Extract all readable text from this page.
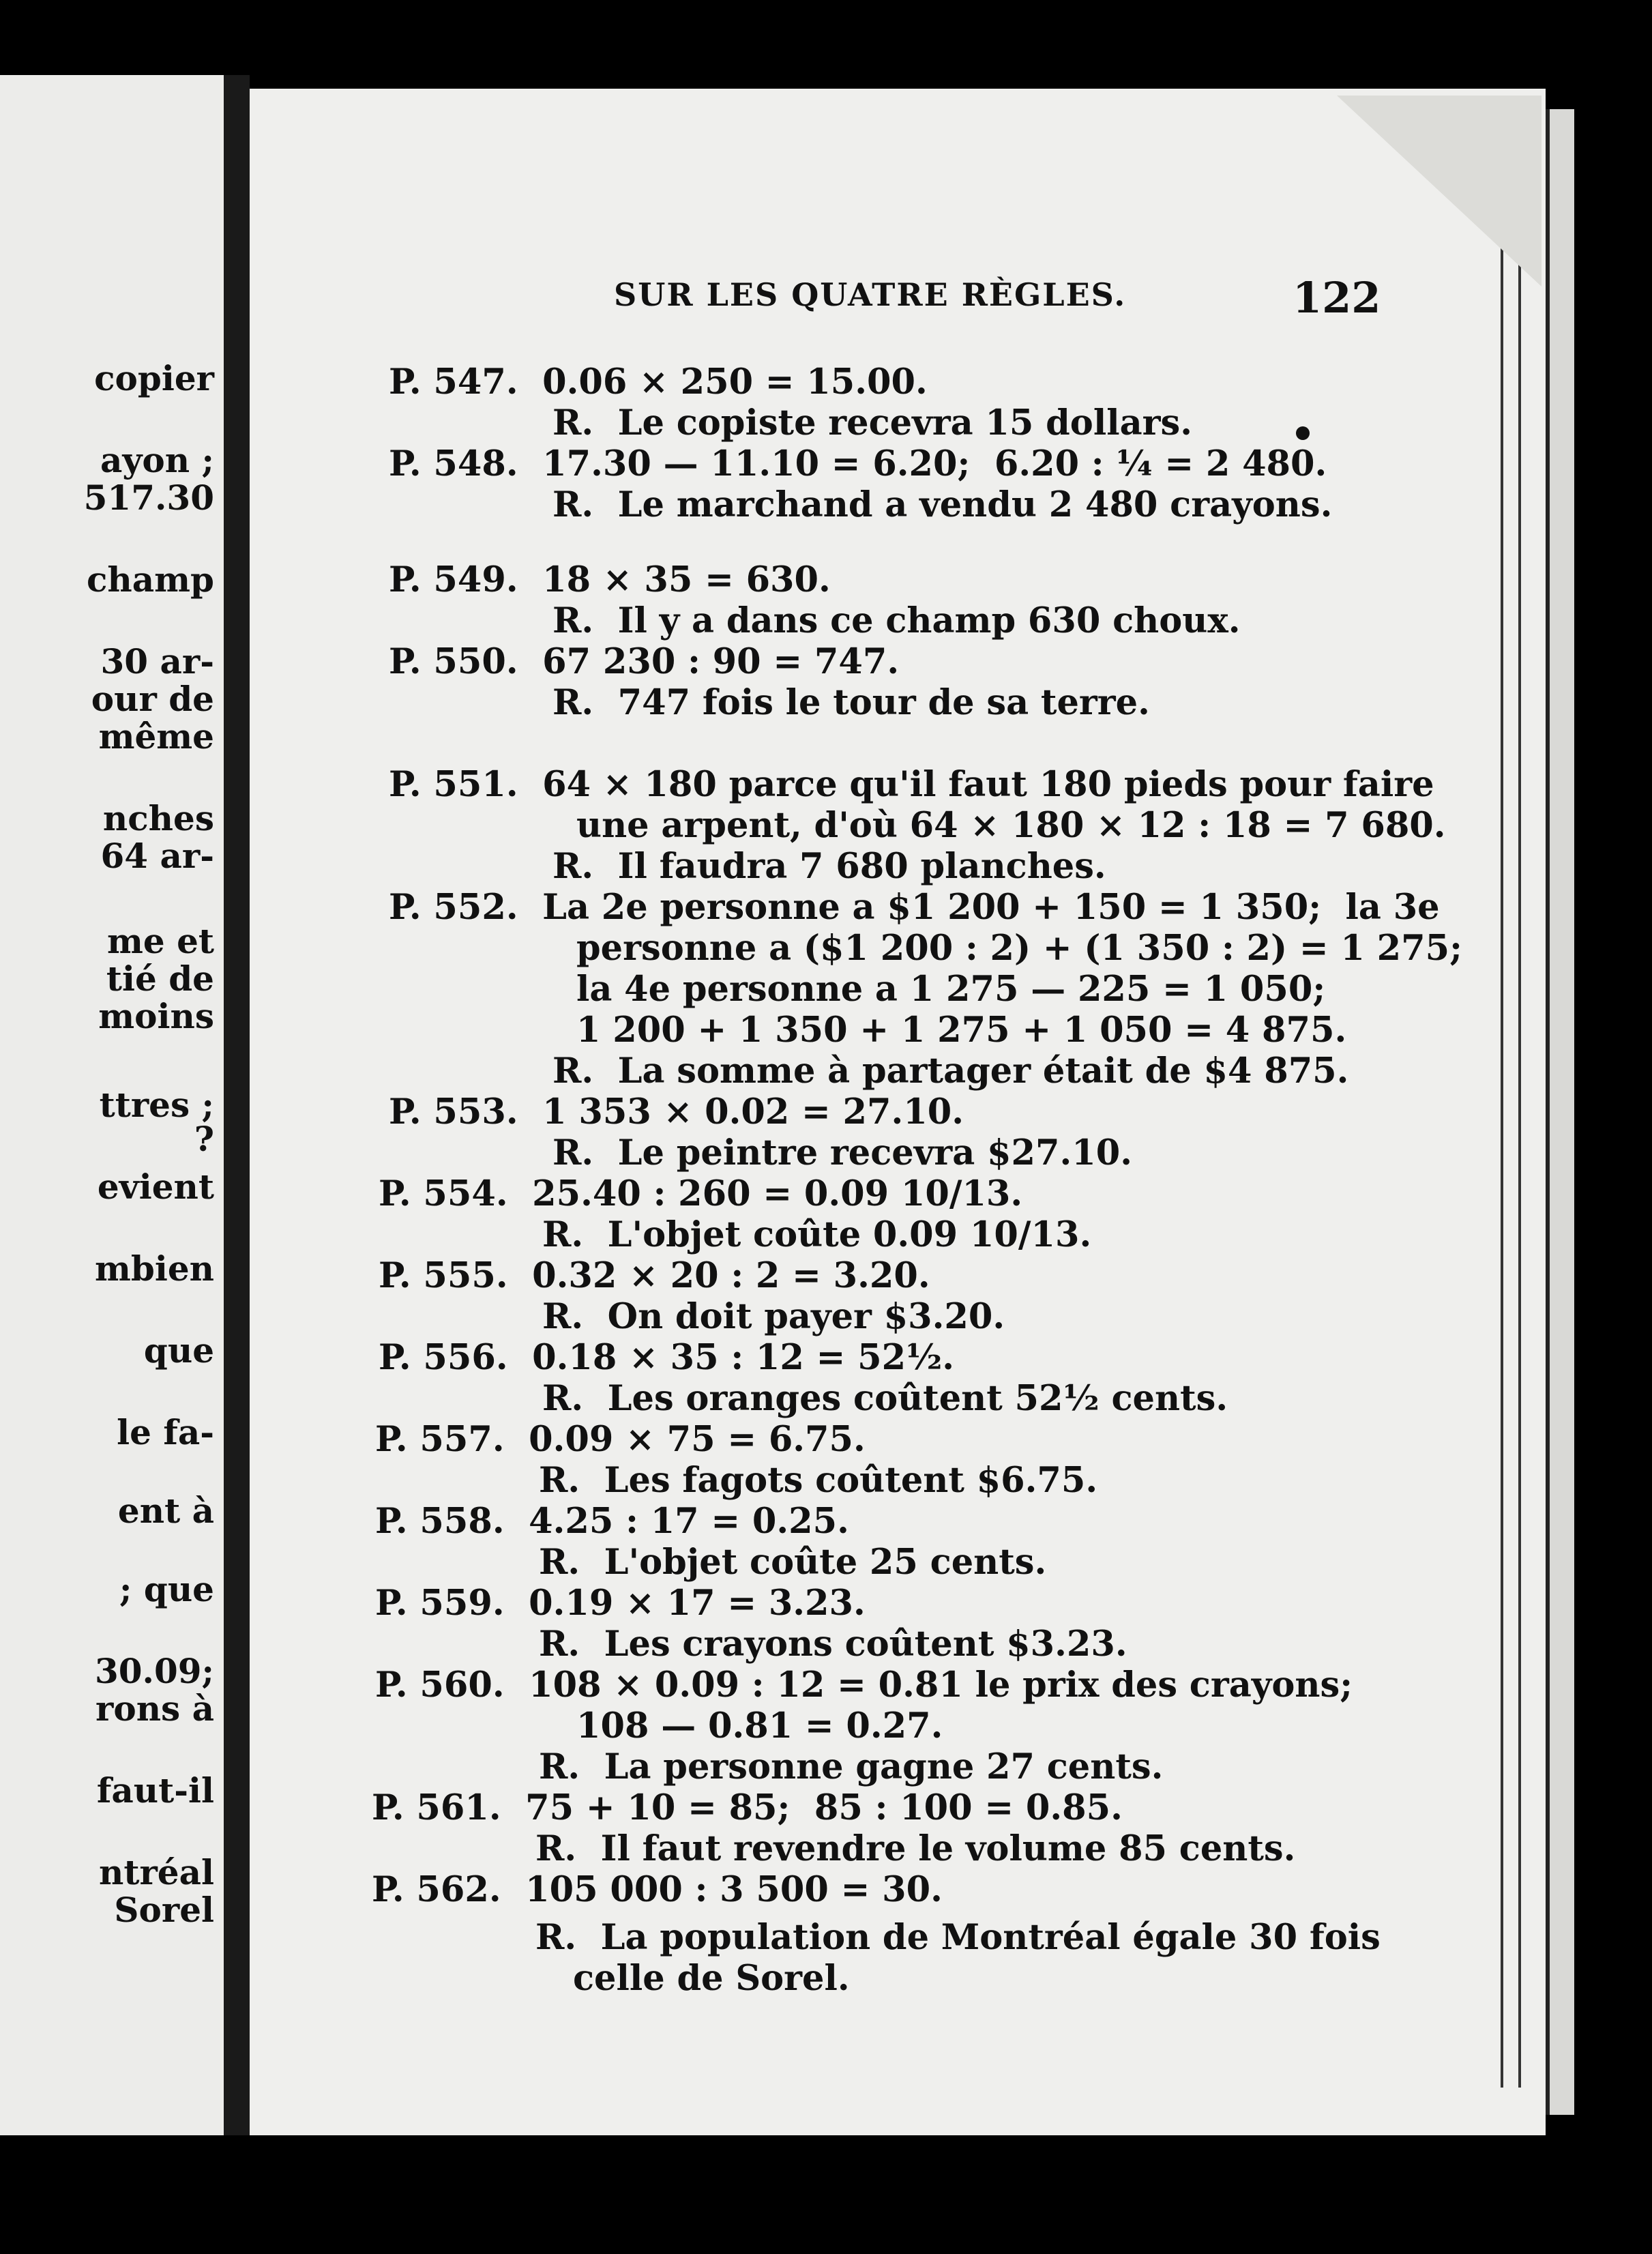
copier
ayon ;
517.30
champ
30 ar-
our de
même
nches
64 ar-
me et
tié de
moins
ttres ;
?
evient
mbien
que
le fa-
ent à
; que
30.09;
rons à
faut-il
ntréal
Sorel
SUR LES QUATRE RÈGLES.	122
P. 547.  0.06 × 250 = 15.00.
R.  Le copiste recevra 15 dollars.
P. 548.  17.30 — 11.10 = 6.20;  6.20 : ¼ = 2 480.
R.  Le marchand a vendu 2 480 crayons.
P. 549.  18 × 35 = 630.
R.  Il y a dans ce champ 630 choux.
P. 550.  67 230 : 90 = 747.
R.  747 fois le tour de sa terre.
P. 551.  64 × 180 parce qu'il faut 180 pieds pour faire
une arpent, d'où 64 × 180 × 12 : 18 = 7 680.
R.  Il faudra 7 680 planches.
P. 552.  La 2e personne a $1 200 + 150 = 1 350;  la 3e
personne a ($1 200 : 2) + (1 350 : 2) = 1 275;
la 4e personne a 1 275 — 225 = 1 050;
1 200 + 1 350 + 1 275 + 1 050 = 4 875.
R.  La somme à partager était de $4 875.
P. 553.  1 353 × 0.02 = 27.10.
R.  Le peintre recevra $27.10.
P. 554.  25.40 : 260 = 0.09 10/13.
R.  L'objet coûte 0.09 10/13.
P. 555.  0.32 × 20 : 2 = 3.20.
R.  On doit payer $3.20.
P. 556.  0.18 × 35 : 12 = 52½.
R.  Les oranges coûtent 52½ cents.
P. 557.  0.09 × 75 = 6.75.
R.  Les fagots coûtent $6.75.
P. 558.  4.25 : 17 = 0.25.
R.  L'objet coûte 25 cents.
P. 559.  0.19 × 17 = 3.23.
R.  Les crayons coûtent $3.23.
P. 560.  108 × 0.09 : 12 = 0.81 le prix des crayons;
108 — 0.81 = 0.27.
R.  La personne gagne 27 cents.
P. 561.  75 + 10 = 85;  85 : 100 = 0.85.
R.  Il faut revendre le volume 85 cents.
P. 562.  105 000 : 3 500 = 30.
R.  La population de Montréal égale 30 fois
celle de Sorel.
